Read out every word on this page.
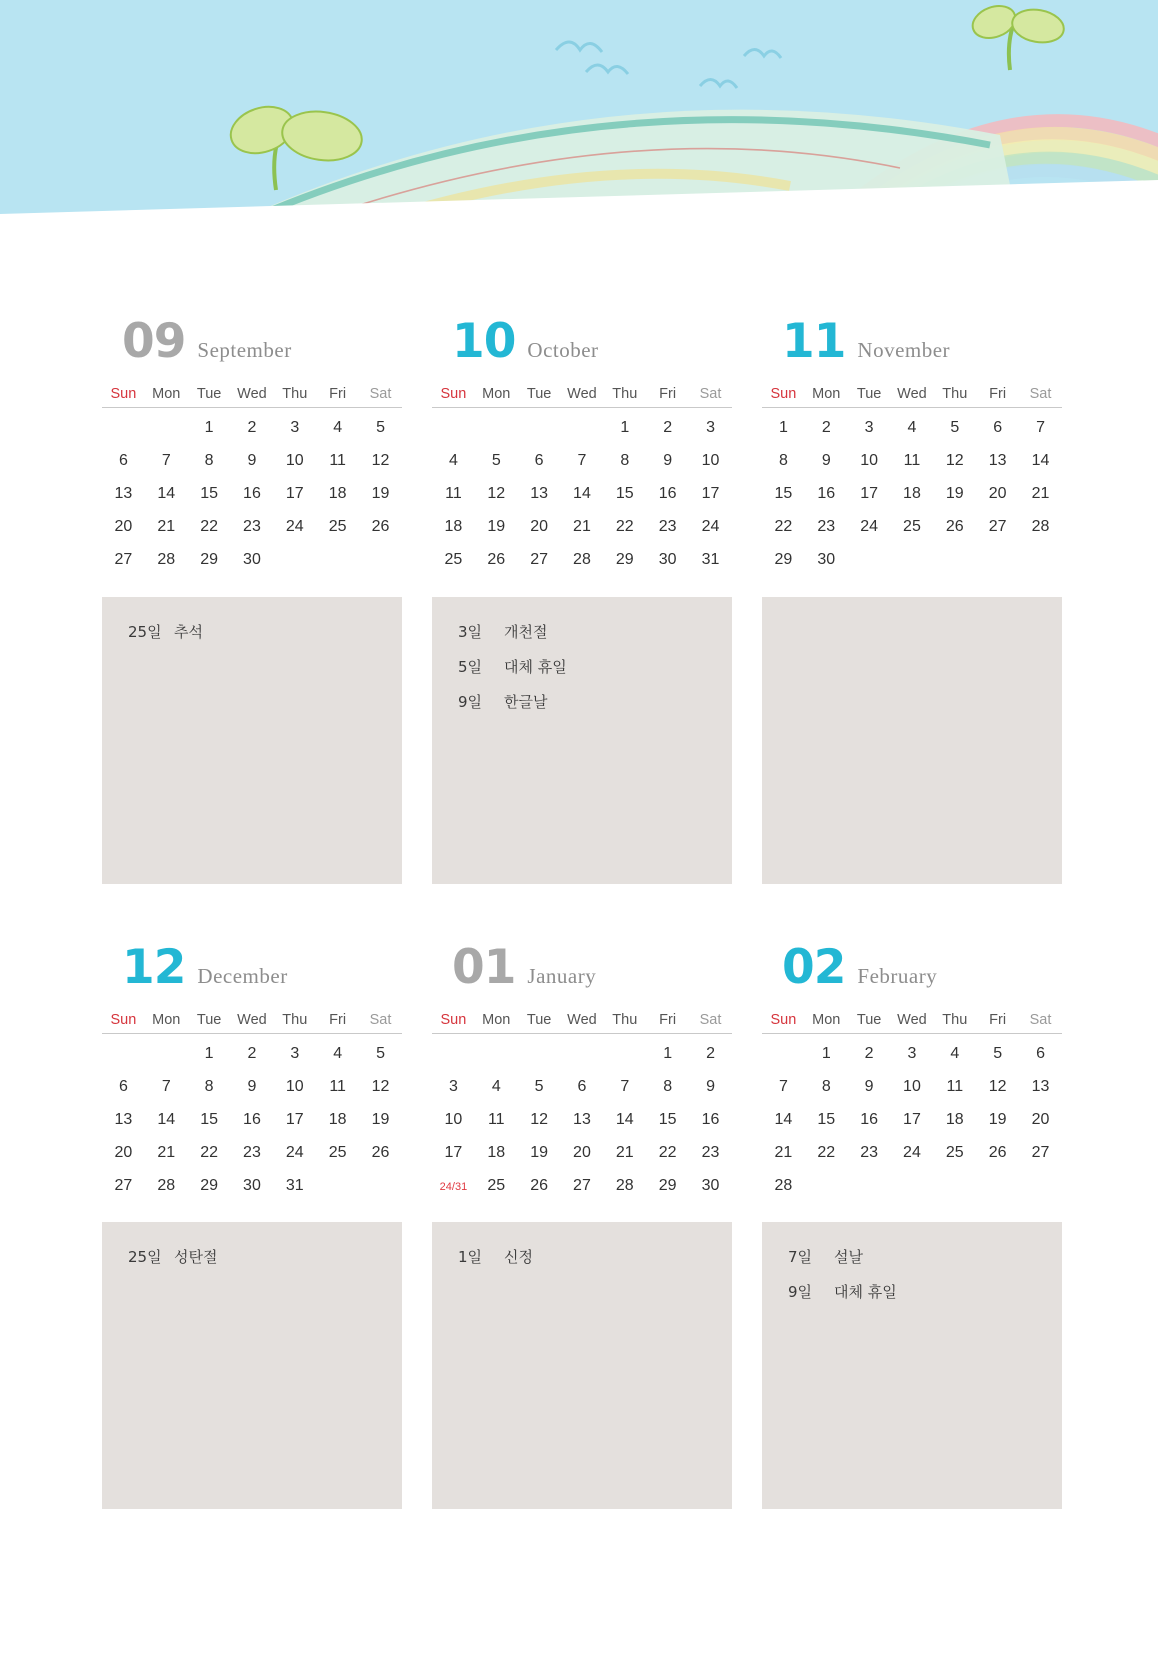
09 September
Sun	Mon	Tue	Wed	Thu	Fri	Sat
		1	2	3	4	5
6	7	8	9	10	11	12
13	14	15	16	17	18	19
20	21	22	23	24	25	26
27	28	29	30			
25일 추석
10 October
Sun	Mon	Tue	Wed	Thu	Fri	Sat
				1	2	3
4	5	6	7	8	9	10
11	12	13	14	15	16	17
18	19	20	21	22	23	24
25	26	27	28	29	30	31
3일	개천절
5일	대체 휴일
9일	한글날
11 November
Sun	Mon	Tue	Wed	Thu	Fri	Sat
1	2	3	4	5	6	7
8	9	10	11	12	13	14
15	16	17	18	19	20	21
22	23	24	25	26	27	28
29	30					
12 December
Sun	Mon	Tue	Wed	Thu	Fri	Sat
		1	2	3	4	5
6	7	8	9	10	11	12
13	14	15	16	17	18	19
20	21	22	23	24	25	26
27	28	29	30	31		
25일 성탄절
01 January
Sun	Mon	Tue	Wed	Thu	Fri	Sat
					1	2
3	4	5	6	7	8	9
10	11	12	13	14	15	16
17	18	19	20	21	22	23
24/31	25	26	27	28	29	30
1일	신정
02 February
Sun	Mon	Tue	Wed	Thu	Fri	Sat
	1	2	3	4	5	6
7	8	9	10	11	12	13
14	15	16	17	18	19	20
21	22	23	24	25	26	27
28						
7일	설날
9일	대체 휴일
